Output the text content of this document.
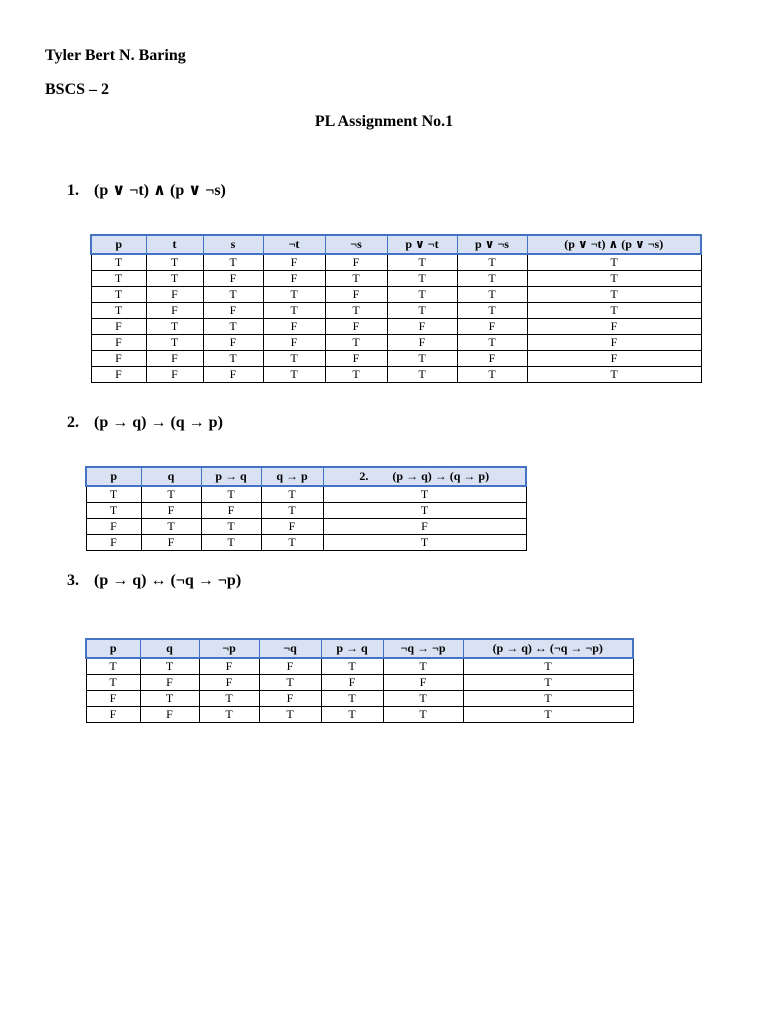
Tyler Bert N. Baring
BSCS – 2
PL Assignment No.1
1. (p ∨ ¬t) ∧ (p ∨ ¬s)
p	t	s	¬t	¬s	p ∨ ¬t	p ∨ ¬s	(p ∨ ¬t) ∧ (p ∨ ¬s)
T	T	T	F	F	T	T	T
T	T	F	F	T	T	T	T
T	F	T	T	F	T	T	T
T	F	F	T	T	T	T	T
F	T	T	F	F	F	F	F
F	T	F	F	T	F	T	F
F	F	T	T	F	T	F	F
F	F	F	T	T	T	T	T
2. (p → q) → (q → p)
p	q	p → q	q → p	2.        (p → q) → (q → p)
T	T	T	T	T
T	F	F	T	T
F	T	T	F	F
F	F	T	T	T
3. (p → q) ↔ (¬q → ¬p)
p	q	¬p	¬q	p → q	¬q → ¬p	(p → q) ↔ (¬q → ¬p)
T	T	F	F	T	T	T
T	F	F	T	F	F	T
F	T	T	F	T	T	T
F	F	T	T	T	T	T
